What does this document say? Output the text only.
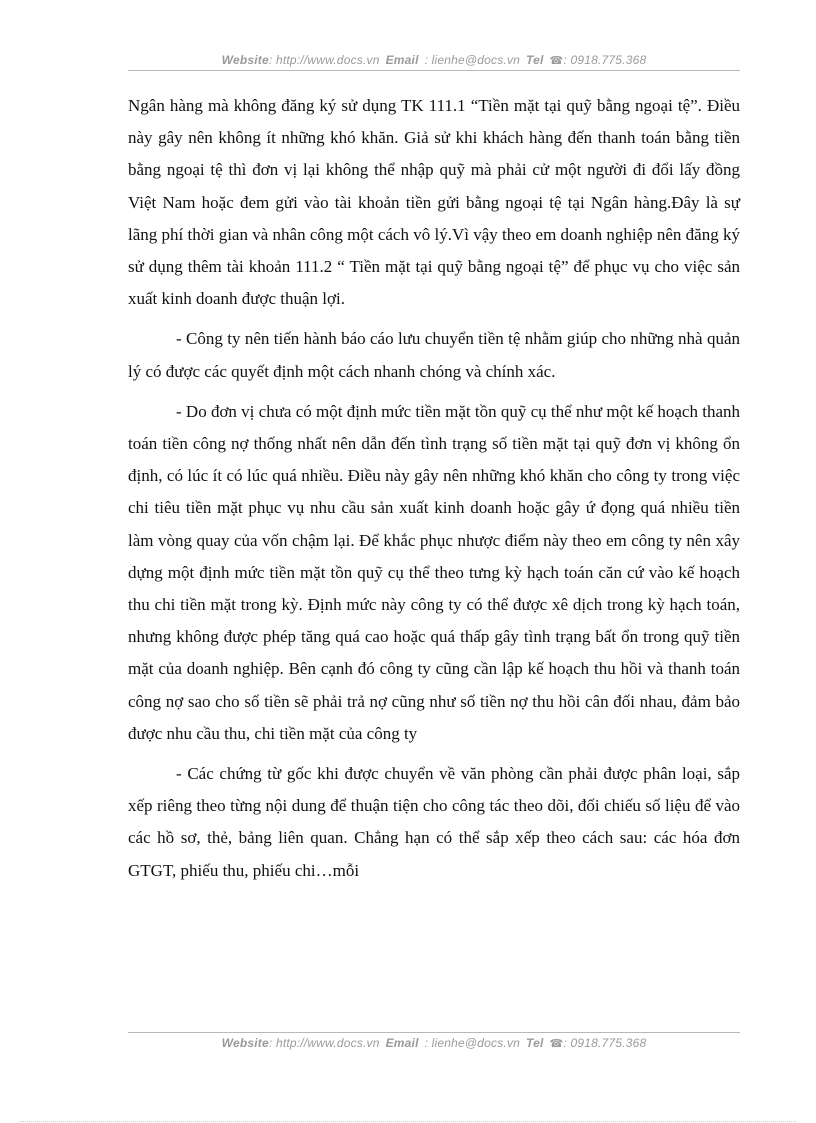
Website: http://www.docs.vn Email : lienhe@docs.vn Tel ☎: 0918.775.368

Ngân hàng mà không đăng ký sử dụng TK 111.1 “Tiền mặt tại quỹ bằng ngoại tệ”. Điều này gây nên không ít những khó khăn. Giả sử khi khách hàng đến thanh toán bằng tiền bằng ngoại tệ thì đơn vị lại không thể nhập quỹ mà phải cử một người đi đổi lấy đồng Việt Nam hoặc đem gửi vào tài khoản tiền gửi bằng ngoại tệ tại Ngân hàng.Đây là sự lãng phí thời gian và nhân công một cách vô lý.Vì vậy theo em doanh nghiệp nên đăng ký sử dụng thêm tài khoản 111.2 “ Tiền mặt tại quỹ bằng ngoại tệ” để phục vụ cho việc sản xuất kinh doanh được thuận lợi.

- Công ty nên tiến hành báo cáo lưu chuyển tiền tệ nhằm giúp cho những nhà quản lý có được các quyết định một cách nhanh chóng và chính xác.

- Do đơn vị chưa có một định mức tiền mặt tồn quỹ cụ thể như một kế hoạch thanh toán tiền công nợ thống nhất nên dẫn đến tình trạng số tiền mặt tại quỹ đơn vị không ổn định, có lúc ít có lúc quá nhiều. Điều này gây nên những khó khăn cho công ty trong việc chi tiêu tiền mặt phục vụ nhu cầu sản xuất kinh doanh hoặc gây ứ đọng quá nhiều tiền làm vòng quay của vốn chậm lại. Để khắc phục nhược điểm này theo em công ty nên xây dựng một định mức tiền mặt tồn quỹ cụ thể theo tưng kỳ hạch toán căn cứ vào kế hoạch thu chi tiền mặt trong kỳ. Định mức này công ty có thể được xê dịch trong kỳ hạch toán, nhưng không được phép tăng quá cao hoặc quá thấp gây tình trạng bất ổn trong quỹ tiền mặt của doanh nghiệp. Bên cạnh đó công ty cũng cần lập kế hoạch thu hồi và thanh toán công nợ sao cho số tiền sẽ phải trả nợ cũng như số tiền nợ thu hồi cân đối nhau, đảm bảo được nhu cầu thu, chi tiền mặt của công ty

- Các chứng từ gốc khi được chuyển về văn phòng cần phải được phân loại, sắp xếp riêng theo từng nội dung để thuận tiện cho công tác theo dõi, đối chiếu số liệu để vào các hồ sơ, thẻ, bảng liên quan. Chẳng hạn có thể sắp xếp theo cách sau: các hóa đơn GTGT, phiếu thu, phiếu chi…mỗi

Website: http://www.docs.vn Email : lienhe@docs.vn Tel ☎: 0918.775.368
